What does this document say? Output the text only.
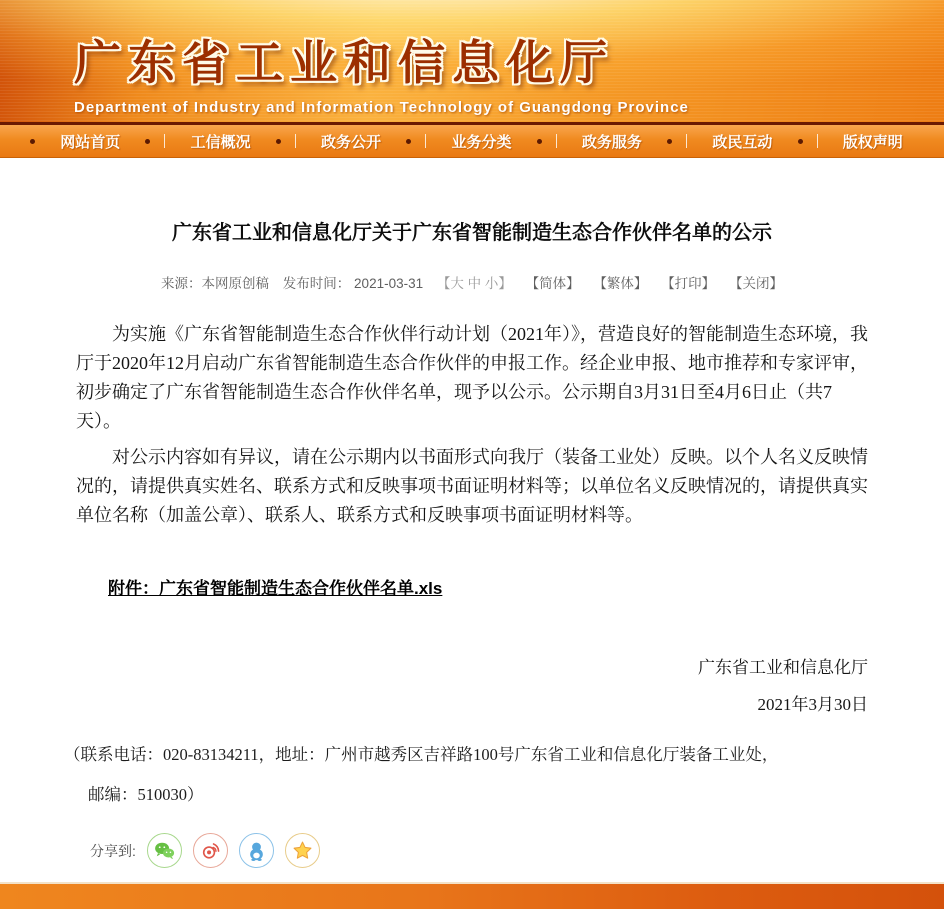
广东省工业和信息化厅
Department of Industry and Information Technology of Guangdong Province
网站首页	工信概况	政务公开	业务分类	政务服务	政民互动	版权声明
广东省工业和信息化厅关于广东省智能制造生态合作伙伴名单的公示
来源：本网原创稿 发布时间： 2021-03-31 【大 中 小】 【简体】 【繁体】 【打印】 【关闭】

为实施《广东省智能制造生态合作伙伴行动计划（2021年）》，营造良好的智能制造生态环境，我厅于2020年12月启动广东省智能制造生态合作伙伴的申报工作。经企业申报、地市推荐和专家评审，初步确定了广东省智能制造生态合作伙伴名单，现予以公示。公示期自3月31日至4月6日止（共7天）。

对公示内容如有异议，请在公示期内以书面形式向我厅（装备工业处）反映。以个人名义反映情况的，请提供真实姓名、联系方式和反映事项书面证明材料等；以单位名义反映情况的，请提供真实单位名称（加盖公章）、联系人、联系方式和反映事项书面证明材料等。

附件：广东省智能制造生态合作伙伴名单.xls
广东省工业和信息化厅
2021年3月30日
（联系电话：020-83134211，地址：广州市越秀区吉祥路100号广东省工业和信息化厅装备工业处，
邮编：510030）
分享到:
